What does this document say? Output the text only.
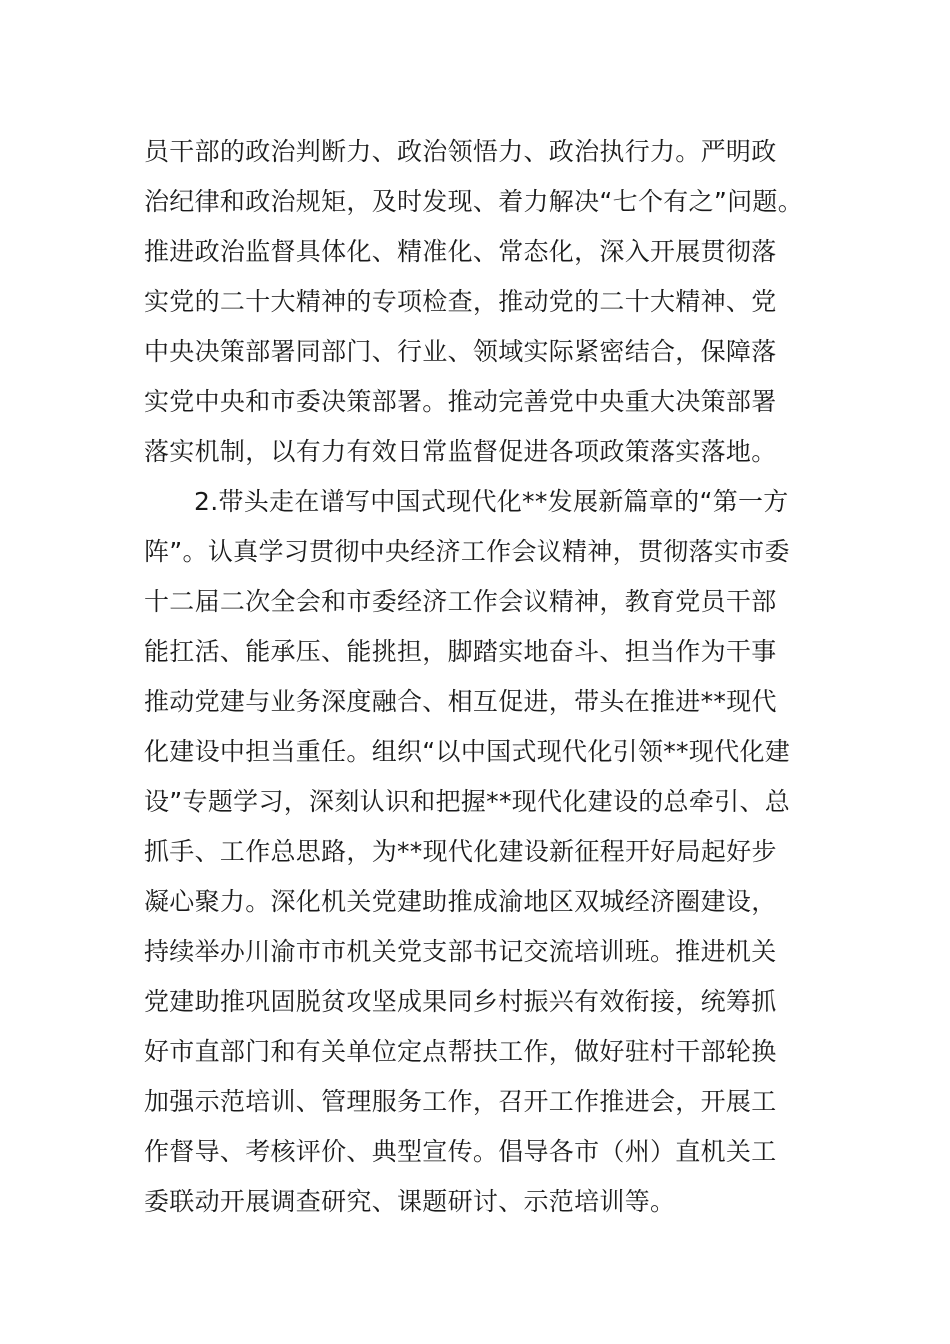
员干部的政治判断力、政治领悟力、政治执行力。严明政
治纪律和政治规矩，及时发现、着力解决“七个有之”问题。
推进政治监督具体化、精准化、常态化，深入开展贯彻落
实党的二十大精神的专项检查，推动党的二十大精神、党
中央决策部署同部门、行业、领域实际紧密结合，保障落
实党中央和市委决策部署。推动完善党中央重大决策部署
落实机制，以有力有效日常监督促进各项政策落实落地。
2.带头走在谱写中国式现代化**发展新篇章的“第一方
阵”。认真学习贯彻中央经济工作会议精神，贯彻落实市委
十二届二次全会和市委经济工作会议精神，教育党员干部
能扛活、能承压、能挑担，脚踏实地奋斗、担当作为干事
推动党建与业务深度融合、相互促进，带头在推进**现代
化建设中担当重任。组织“以中国式现代化引领**现代化建
设”专题学习，深刻认识和把握**现代化建设的总牵引、总
抓手、工作总思路，为**现代化建设新征程开好局起好步
凝心聚力。深化机关党建助推成渝地区双城经济圈建设，
持续举办川渝市市机关党支部书记交流培训班。推进机关
党建助推巩固脱贫攻坚成果同乡村振兴有效衔接，统筹抓
好市直部门和有关单位定点帮扶工作，做好驻村干部轮换
加强示范培训、管理服务工作，召开工作推进会，开展工
作督导、考核评价、典型宣传。倡导各市（州）直机关工
委联动开展调查研究、课题研讨、示范培训等。
